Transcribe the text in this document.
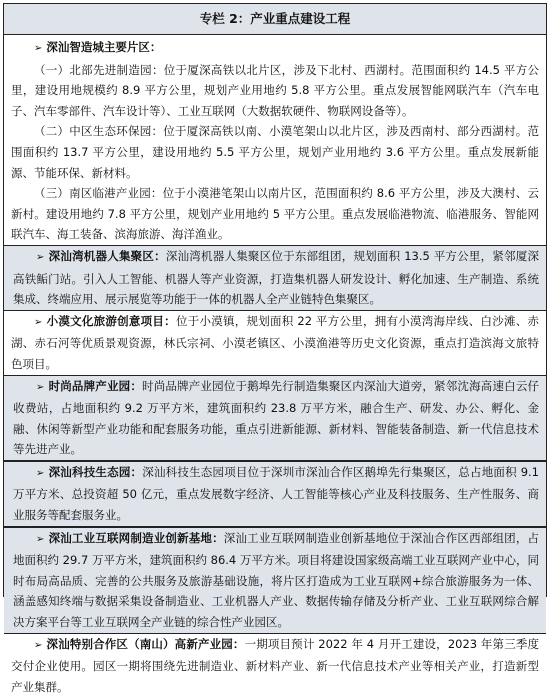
专栏 2：产业重点建设工程

➢ 深汕智造城主要片区：

（一）北部先进制造园：位于厦深高铁以北片区，涉及下北村、西湖村。范围面积约 14.5 平方公里，建设用地规模约 8.9 平方公里，规划产业用地约 5.8 平方公里。重点发展智能网联汽车（汽车电子、汽车零部件、汽车设计等）、工业互联网（大数据软硬件、物联网设备等）。

（二）中区生态环保园：位于厦深高铁以南、小漠笔架山以北片区，涉及西南村、部分西湖村。范围面积约 13.7 平方公里，建设用地约 5.5 平方公里，规划产业用地约 3.6 平方公里。重点发展新能源、节能环保、新材料。

（三）南区临港产业园：位于小漠港笔架山以南片区，范围面积约 8.6 平方公里，涉及大澳村、云新村。建设用地约 7.8 平方公里，规划产业用地约 5 平方公里。重点发展临港物流、临港服务、智能网联汽车、海工装备、滨海旅游、海洋渔业。

➢ 深汕湾机器人集聚区：深汕湾机器人集聚区位于东部组团，规划面积 13.5 平方公里，紧邻厦深高铁鲘门站。引入人工智能、机器人等产业资源，打造集机器人研发设计、孵化加速、生产制造、系统集成、终端应用、展示展览等功能于一体的机器人全产业链特色集聚区。

➢ 小漠文化旅游创意项目：位于小漠镇，规划面积 22 平方公里，拥有小漠湾海岸线、白沙滩、赤湖、赤石河等优质景观资源，林氏宗祠、小漠老镇区、小漠渔港等历史文化资源，重点打造滨海文旅特色项目。

➢ 时尚品牌产业园：时尚品牌产业园位于鹅埠先行制造集聚区内深汕大道旁，紧邻沈海高速白云仔收费站，占地面积约 9.2 万平方米，建筑面积约 23.8 万平方米，融合生产、研发、办公、孵化、金融、休闲等新型产业功能和配套服务功能，重点引进新能源、新材料、智能装备制造、新一代信息技术等先进产业。

➢ 深汕科技生态园：深汕科技生态园项目位于深圳市深汕合作区鹅埠先行集聚区，总占地面积 9.1 万平方米、总投资超 50 亿元，重点发展数字经济、人工智能等核心产业及科技服务、生产性服务、商业服务等配套服务业。

➢ 深汕工业互联网制造业创新基地：深汕工业互联网制造业创新基地位于深汕合作区西部组团，占地面积约 29.7 万平方米，建筑面积约 86.4 万平方米。项目将建设国家级高端工业互联网产业中心，同时布局高品质、完善的公共服务及旅游基础设施，将片区打造成为工业互联网+综合旅游服务为一体、涵盖感知终端与数据采集设备制造业、工业机器人产业、数据传输存储及分析产业、工业互联网综合解决方案平台等工业互联网全产业链的综合性产业园区。

➢ 深汕特别合作区（南山）高新产业园：一期项目预计 2022 年 4 月开工建设，2023 年第三季度交付企业使用。园区一期将围绕先进制造业、新材料产业、新一代信息技术产业等相关产业，打造新型产业集群。
